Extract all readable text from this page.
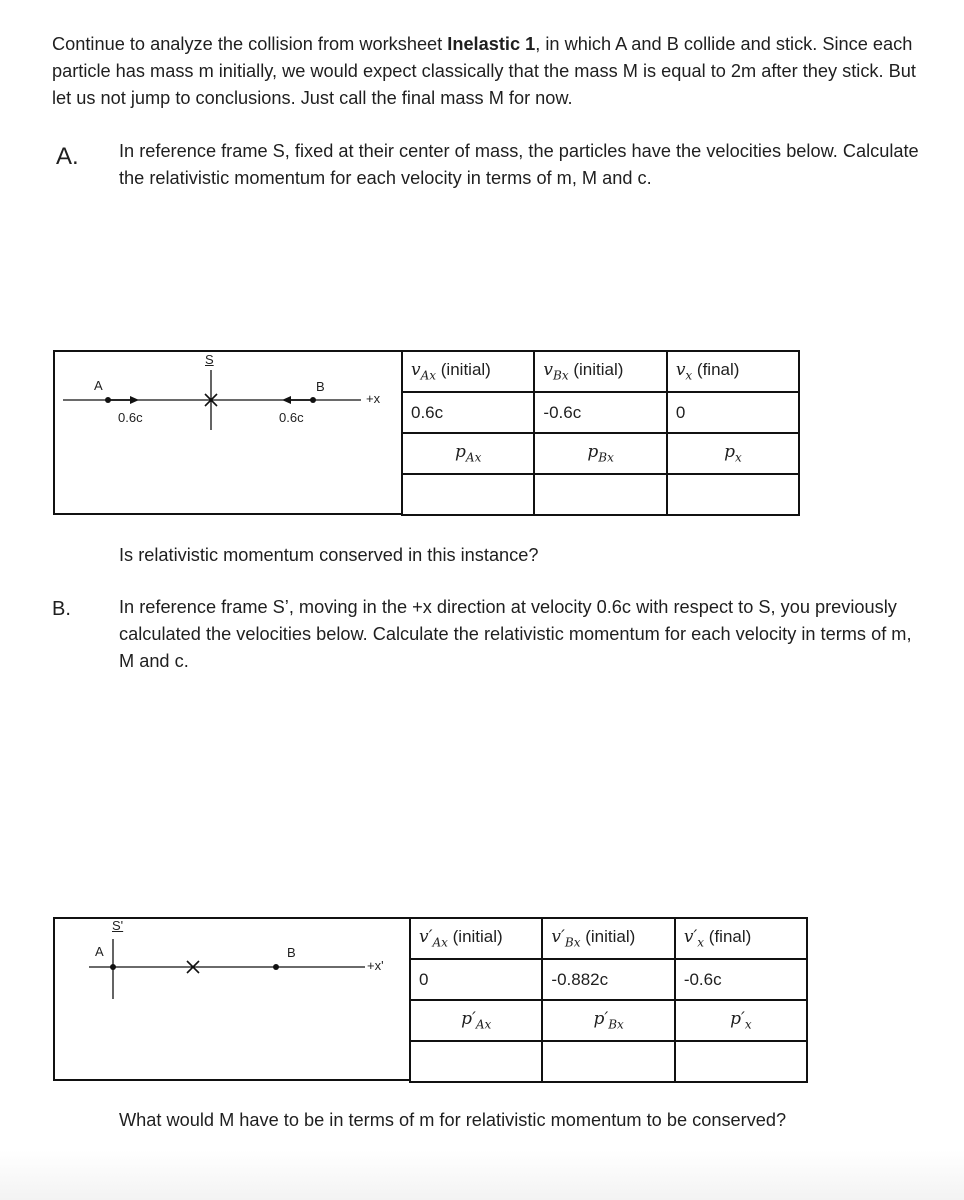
Continue to analyze the collision from worksheet Inelastic 1, in which A and B collide and stick. Since each particle has mass m initially, we would expect classically that the mass M is equal to 2m after they stick. But let us not jump to conclusions. Just call the final mass M for now.
A. In reference frame S, fixed at their center of mass, the particles have the velocities below. Calculate the relativistic momentum for each velocity in terms of m, M and c.
S
A	B
0.6c	0.6c
+x
$v_{Ax}$ (initial)	$v_{Bx}$ (initial)	$v_x$ (final)
0.6c	-0.6c	0
$p_{Ax}$	$p_{Bx}$	$p_x$

Is relativistic momentum conserved in this instance?
B.	In reference frame S’, moving in the +x direction at velocity 0.6c with respect to S, you previously calculated the velocities below. Calculate the relativistic momentum for each velocity in terms of m, M and c.
S'
A	B
+x'
$v'_{Ax}$ (initial)	$v'_{Bx}$ (initial)	$v'_x$ (final)
0	-0.882c	-0.6c
$p'_{Ax}$	$p'_{Bx}$	$p'_x$

What would M have to be in terms of m for relativistic momentum to be conserved?
